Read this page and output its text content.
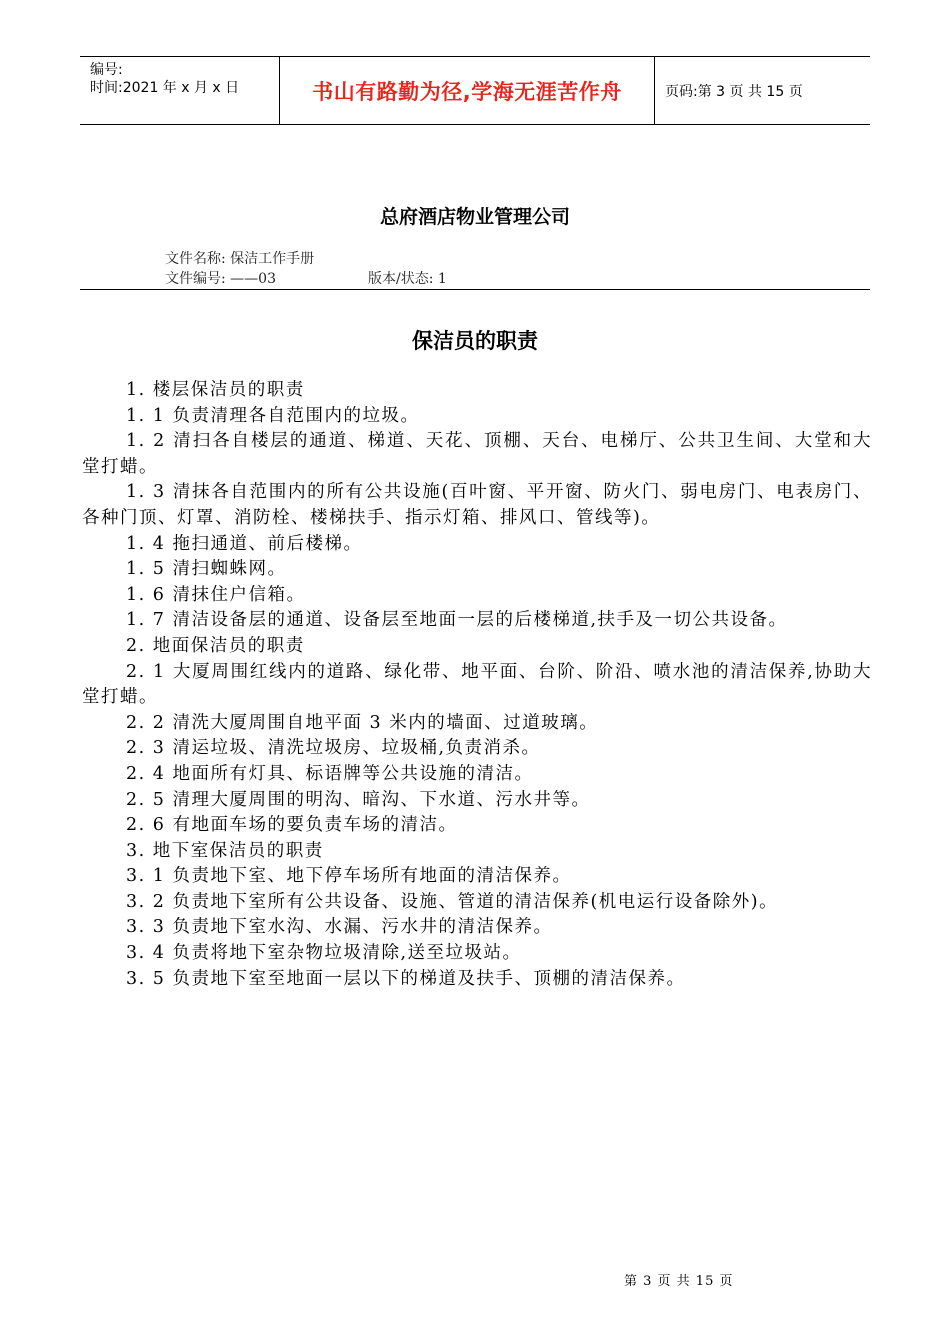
编号:
时间:2021 年 x 月 x 日	书山有路勤为径,学海无涯苦作舟	页码:第 3 页 共 15 页
总府酒店物业管理公司
文件名称: 保洁工作手册
文件编号: ——03	版本/状态: 1
保洁员的职责

1. 楼层保洁员的职责

1. 1 负责清理各自范围内的垃圾。

1. 2 清扫各自楼层的通道、梯道、天花、顶棚、天台、电梯厅、公共卫生间、大堂和大堂打蜡。

1. 3 清抹各自范围内的所有公共设施(百叶窗、平开窗、防火门、弱电房门、电表房门、各种门顶、灯罩、消防栓、楼梯扶手、指示灯箱、排风口、管线等)。

1. 4 拖扫通道、前后楼梯。

1. 5 清扫蜘蛛网。

1. 6 清抹住户信箱。

1. 7 清洁设备层的通道、设备层至地面一层的后楼梯道,扶手及一切公共设备。

2. 地面保洁员的职责

2. 1 大厦周围红线内的道路、绿化带、地平面、台阶、阶沿、喷水池的清洁保养,协助大堂打蜡。

2. 2 清洗大厦周围自地平面 3 米内的墙面、过道玻璃。

2. 3 清运垃圾、清洗垃圾房、垃圾桶,负责消杀。

2. 4 地面所有灯具、标语牌等公共设施的清洁。

2. 5 清理大厦周围的明沟、暗沟、下水道、污水井等。

2. 6 有地面车场的要负责车场的清洁。

3. 地下室保洁员的职责

3. 1 负责地下室、地下停车场所有地面的清洁保养。

3. 2 负责地下室所有公共设备、设施、管道的清洁保养(机电运行设备除外)。

3. 3 负责地下室水沟、水漏、污水井的清洁保养。

3. 4 负责将地下室杂物垃圾清除,送至垃圾站。

3. 5 负责地下室至地面一层以下的梯道及扶手、顶棚的清洁保养。

第 3 页 共 15 页
